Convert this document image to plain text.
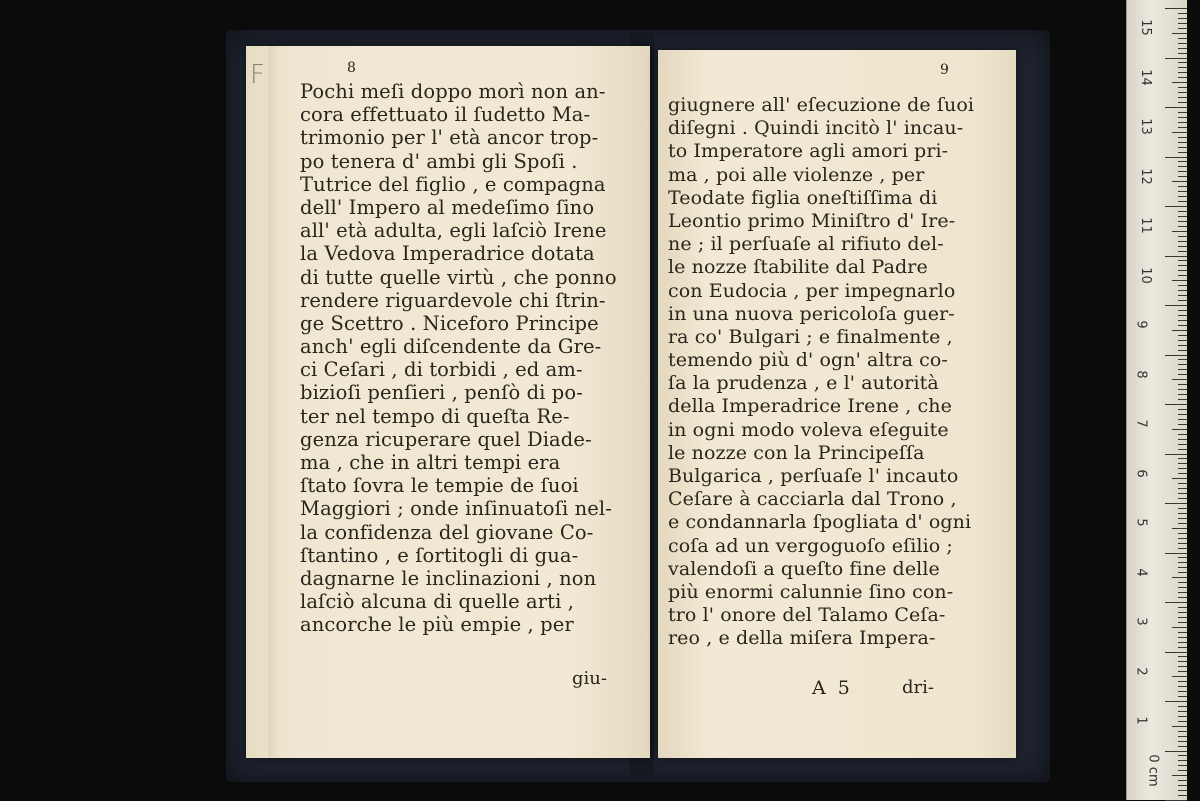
F	8	9
Pochi meſi doppo morì non an-
cora effettuato il ſudetto Ma-
trimonio per l' età ancor trop-
po tenera d' ambi gli Spoſi .
Tutrice del figlio , e compagna
dell' Impero al medeſimo ſino
all' età adulta, egli laſciò Irene
la Vedova Imperadrice dotata
di tutte quelle virtù , che ponno
rendere riguardevole chi ſtrin-
ge Scettro . Niceforo Principe
anch' egli diſcendente da Gre-
ci Ceſari , di torbidi , ed am-
bizioſi penſieri , penſò di po-
ter nel tempo di queſta Re-
genza ricuperare quel Diade-
ma , che in altri tempi era
ſtato ſovra le tempie de ſuoi
Maggiori ; onde inſinuatoſi nel-
la confidenza del giovane Co-
ſtantino , e ſortitogli di gua-
dagnarne le inclinazioni , non
laſciò alcuna di quelle arti ,
ancorche le più empie , per
giu-
giugnere all' eſecuzione de ſuoi
diſegni . Quindi incitò l' incau-
to Imperatore agli amori pri-
ma , poi alle violenze , per
Teodate figlia oneſtiſſima di
Leontio primo Miniſtro d' Ire-
ne ; il perſuaſe al rifiuto del-
le nozze ſtabilite dal Padre
con Eudocia , per impegnarlo
in una nuova pericoloſa guer-
ra co' Bulgari ; e finalmente ,
temendo più d' ogn' altra co-
ſa la prudenza , e l' autorità
della Imperadrice Irene , che
in ogni modo voleva eſeguite
le nozze con la Principeſſa
Bulgarica , perſuaſe l' incauto
Ceſare à cacciarla dal Trono ,
e condannarla ſpogliata d' ogni
coſa ad un vergoguoſo eſilio ;
valendoſi a queſto fine delle
più enormi calunnie ſino con-
tro l' onore del Talamo Ceſa-
reo , e della miſera Impera-
A 5	dri-
15
14
13
12
11
10
9
8
7
6
5
4
3
2
1
0 cm
